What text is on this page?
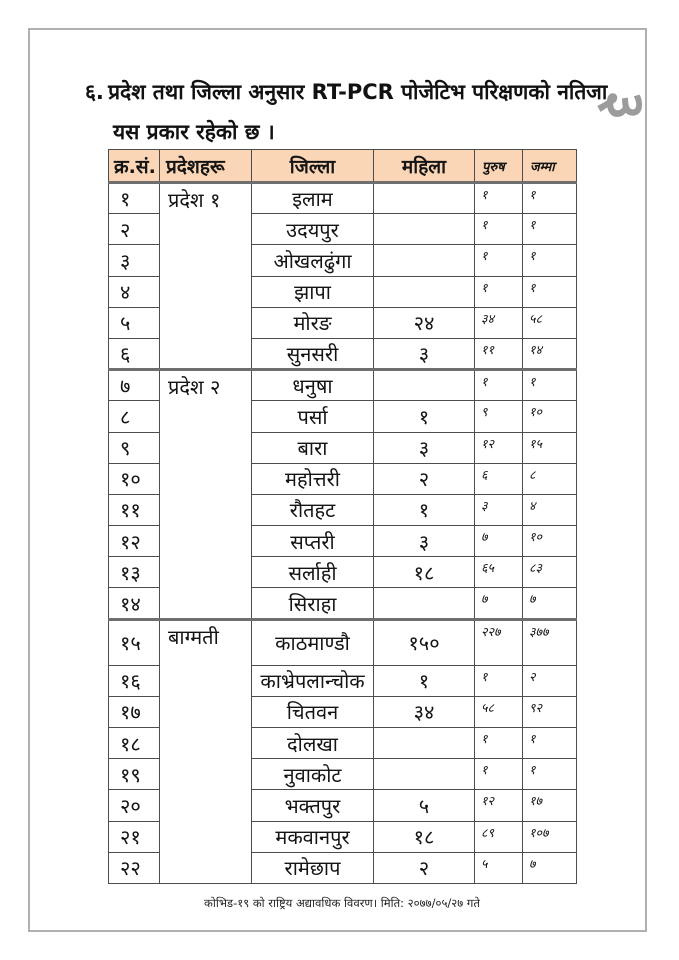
३
६.  प्रदेश तथा जिल्ला अनुसार RT-PCR पोजेटिभ परिक्षणको नतिजा यस प्रकार रहेको छ ।
क्र.सं.	प्रदेशहरू	जिल्ला	महिला	पुरुष	जम्मा
१	प्रदेश १	इलाम		१	१
२		उदयपुर		१	१
३		ओखलढुंगा		१	१
४		झापा		१	१
५		मोरङ	२४	३४	५८
६		सुनसरी	३	११	१४
७	प्रदेश २	धनुषा		१	१
८		पर्सा	१	९	१०
९		बारा	३	१२	१५
१०		महोत्तरी	२	६	८
११		रौतहट	१	३	४
१२		सप्तरी	३	७	१०
१३		सर्लाही	१८	६५	८३
१४		सिराहा		७	७
१५	बाग्मती	काठमाण्डौ	१५०	२२७	३७७
१६		काभ्रेपलान्चोक	१	१	२
१७		चितवन	३४	५८	९२
१८		दोलखा		१	१
१९		नुवाकोट		१	१
२०		भक्तपुर	५	१२	१७
२१		मकवानपुर	१८	८९	१०७
२२		रामेछाप	२	५	७
कोभिड-१९ को राष्ट्रिय अद्यावधिक विवरण। मिति: २०७७/०५/२७ गते
